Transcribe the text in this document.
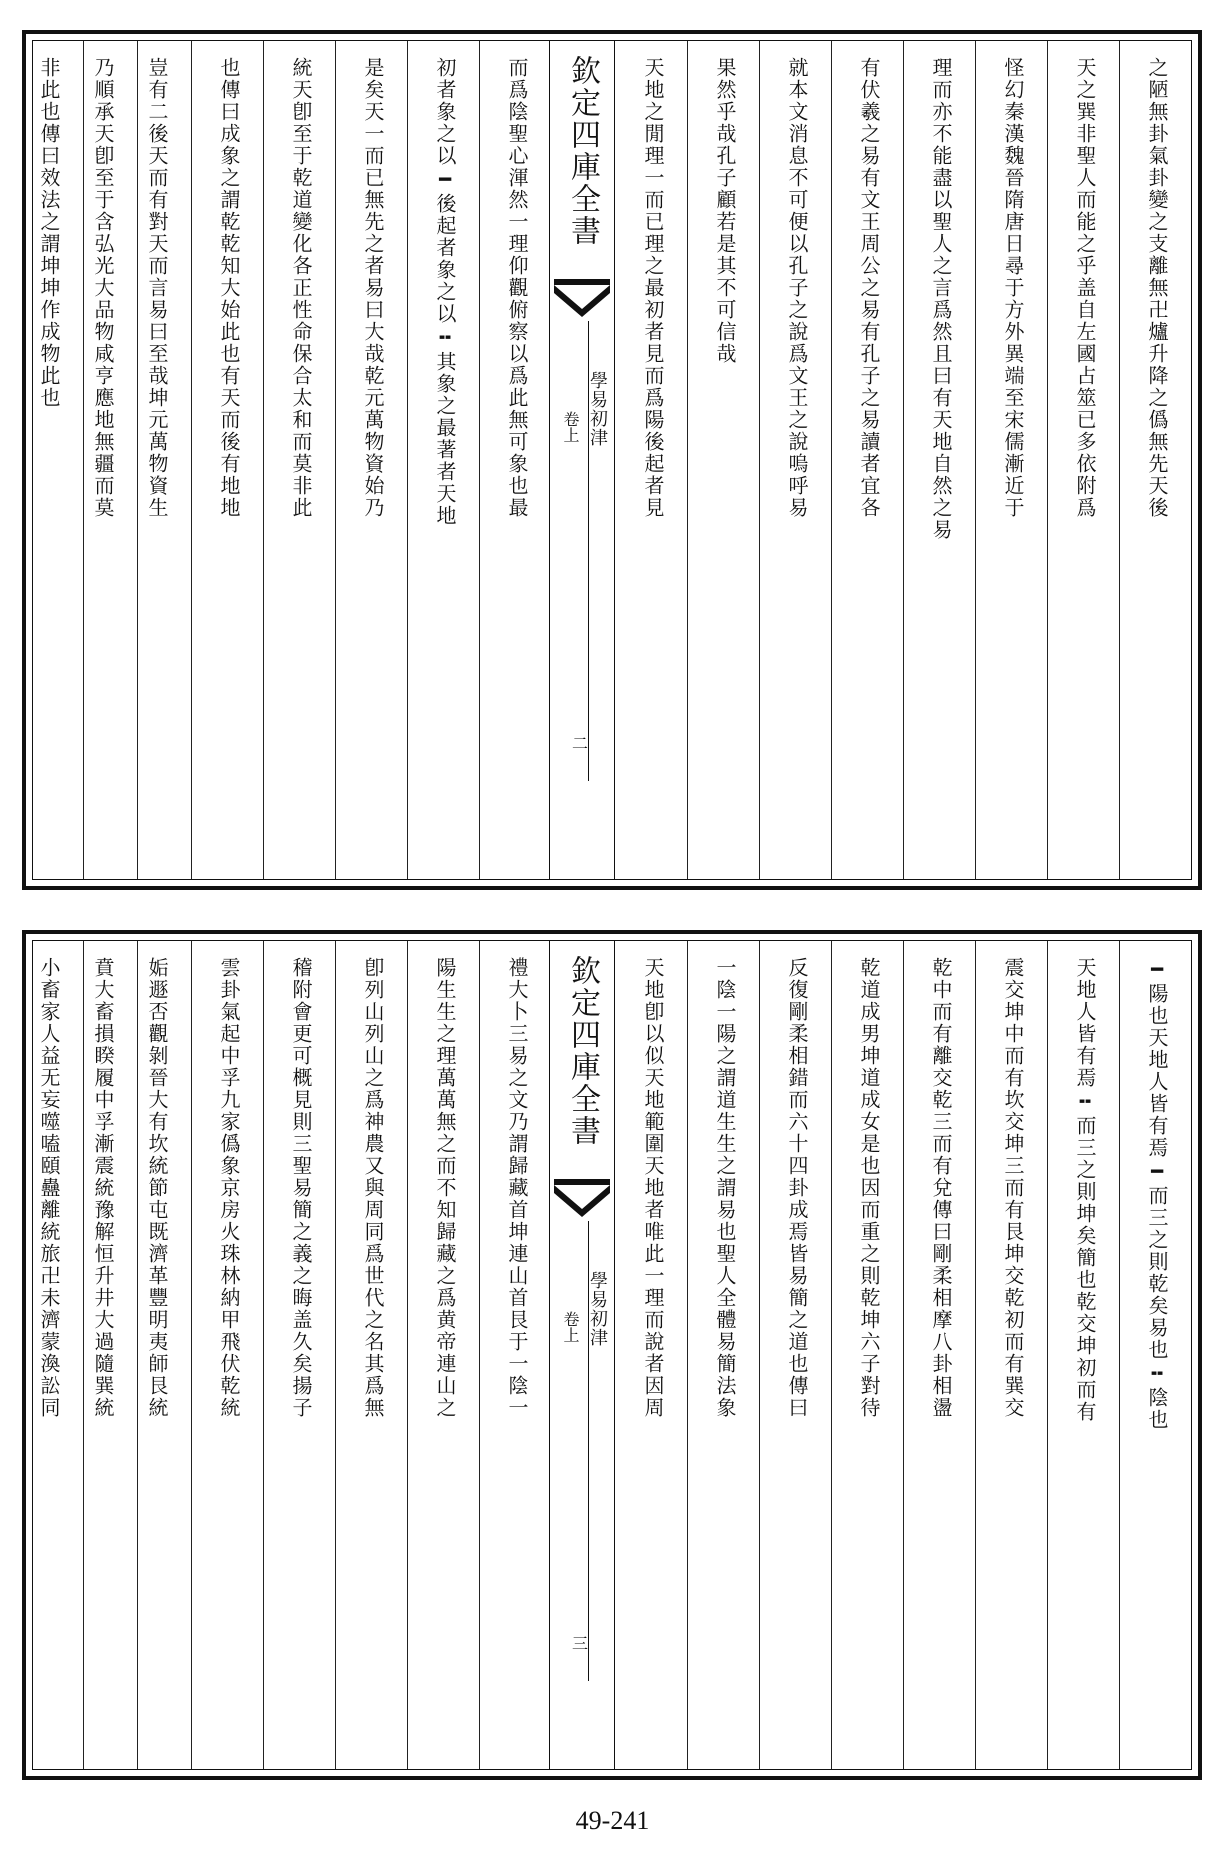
之陋無卦氣卦變之支離無卍爐升降之僞無先天後
天之巽非聖人而能之乎盖自左國占筮已多依附爲
怪幻秦漢魏晉隋唐日尋于方外異端至宋儒漸近于
理而亦不能盡以聖人之言爲然且曰有天地自然之易
有伏羲之易有文王周公之易有孔子之易讀者宜各
就本文消息不可便以孔子之說爲文王之說嗚呼易
果然乎哉孔子顧若是其不可信哉
天地之閒理一而已理之最初者見而爲陽後起者見
欽定四庫全書
學易初津
卷上
二
而爲陰聖心渾然一理仰觀俯察以爲此無可象也最
初者象之以━後起者象之以╍其象之最著者天地
是矣天一而已無先之者易曰大哉乾元萬物資始乃
統天卽至于乾道變化各正性命保合太和而莫非此
也傳曰成象之謂乾乾知大始此也有天而後有地地
豈有二後天而有對天而言易曰至哉坤元萬物資生
乃順承天卽至于含弘光大品物咸亨應地無疆而莫
非此也傳曰效法之謂坤坤作成物此也
━陽也天地人皆有焉━而三之則乾矣易也╍陰也
天地人皆有焉╍而三之則坤矣簡也乾交坤初而有
震交坤中而有坎交坤三而有艮坤交乾初而有巽交
乾中而有離交乾三而有兌傳曰剛柔相摩八卦相盪
乾道成男坤道成女是也因而重之則乾坤六子對待
反復剛柔相錯而六十四卦成焉皆易簡之道也傳曰
一陰一陽之謂道生生之謂易也聖人全體易簡法象
天地卽以似天地範圍天地者唯此一理而說者因周
欽定四庫全書
學易初津
卷上
三
禮大卜三易之文乃謂歸藏首坤連山首艮于一陰一
陽生生之理萬萬無之而不知歸藏之爲黄帝連山之
卽列山列山之爲神農又與周同爲世代之名其爲無
稽附會更可概見則三聖易簡之義之晦盖久矣揚子
雲卦氣起中孚九家僞象京房火珠林納甲飛伏乾統
姤遯否觀剝晉大有坎統節屯既濟革豐明夷師艮統
賁大畜損睽履中孚漸震統豫解恒升井大過隨巽統
小畜家人益无妄噬嗑頤蠱離統旅卍未濟蒙渙訟同
49-241
